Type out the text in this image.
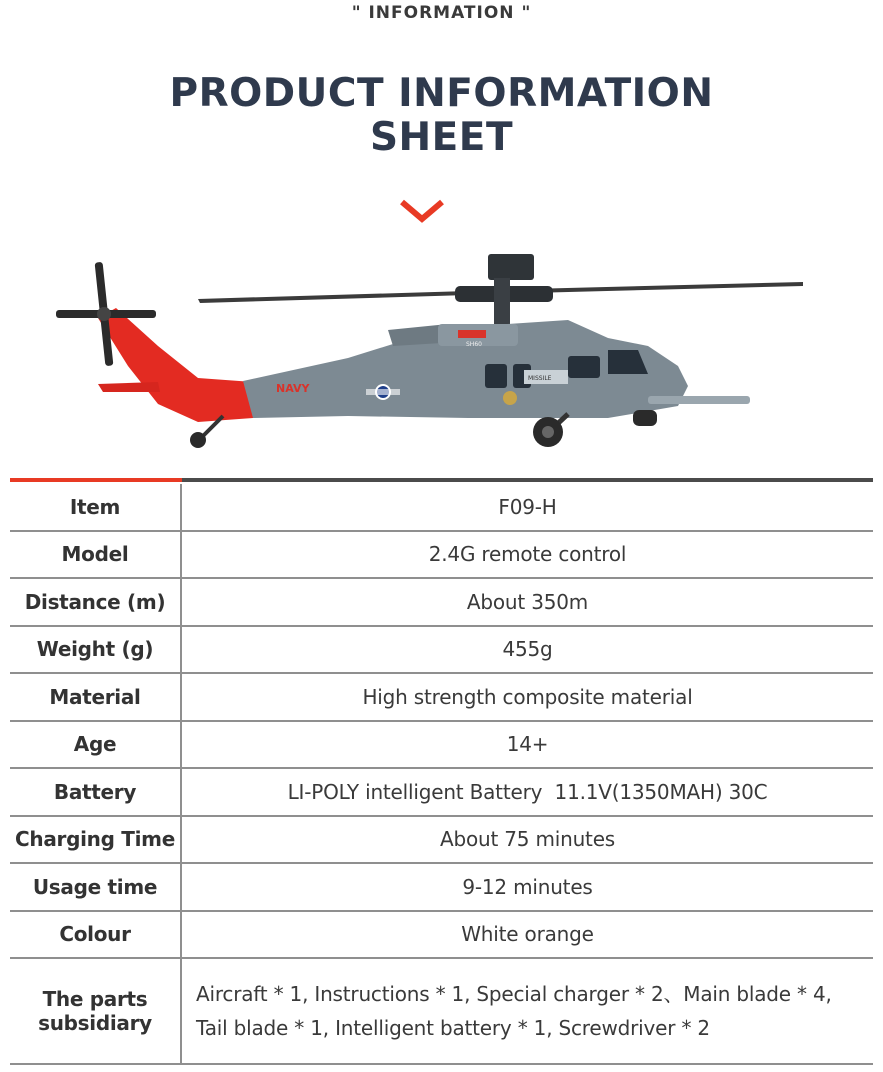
" INFORMATION "
PRODUCT INFORMATION
SHEET
NAVY
SH60
MISSILE
Item	F09-H
Model	2.4G remote control
Distance (m)	About 350m
Weight (g)	455g
Material	High strength composite material
Age	14+
Battery	LI-POLY intelligent Battery  11.1V(1350MAH) 30C
Charging Time	About 75 minutes
Usage time	9-12 minutes
Colour	White orange

The parts
subsidiary	Aircraft * 1, Instructions * 1, Special charger * 2、Main blade * 4,
Tail blade * 1, Intelligent battery * 1, Screwdriver * 2
